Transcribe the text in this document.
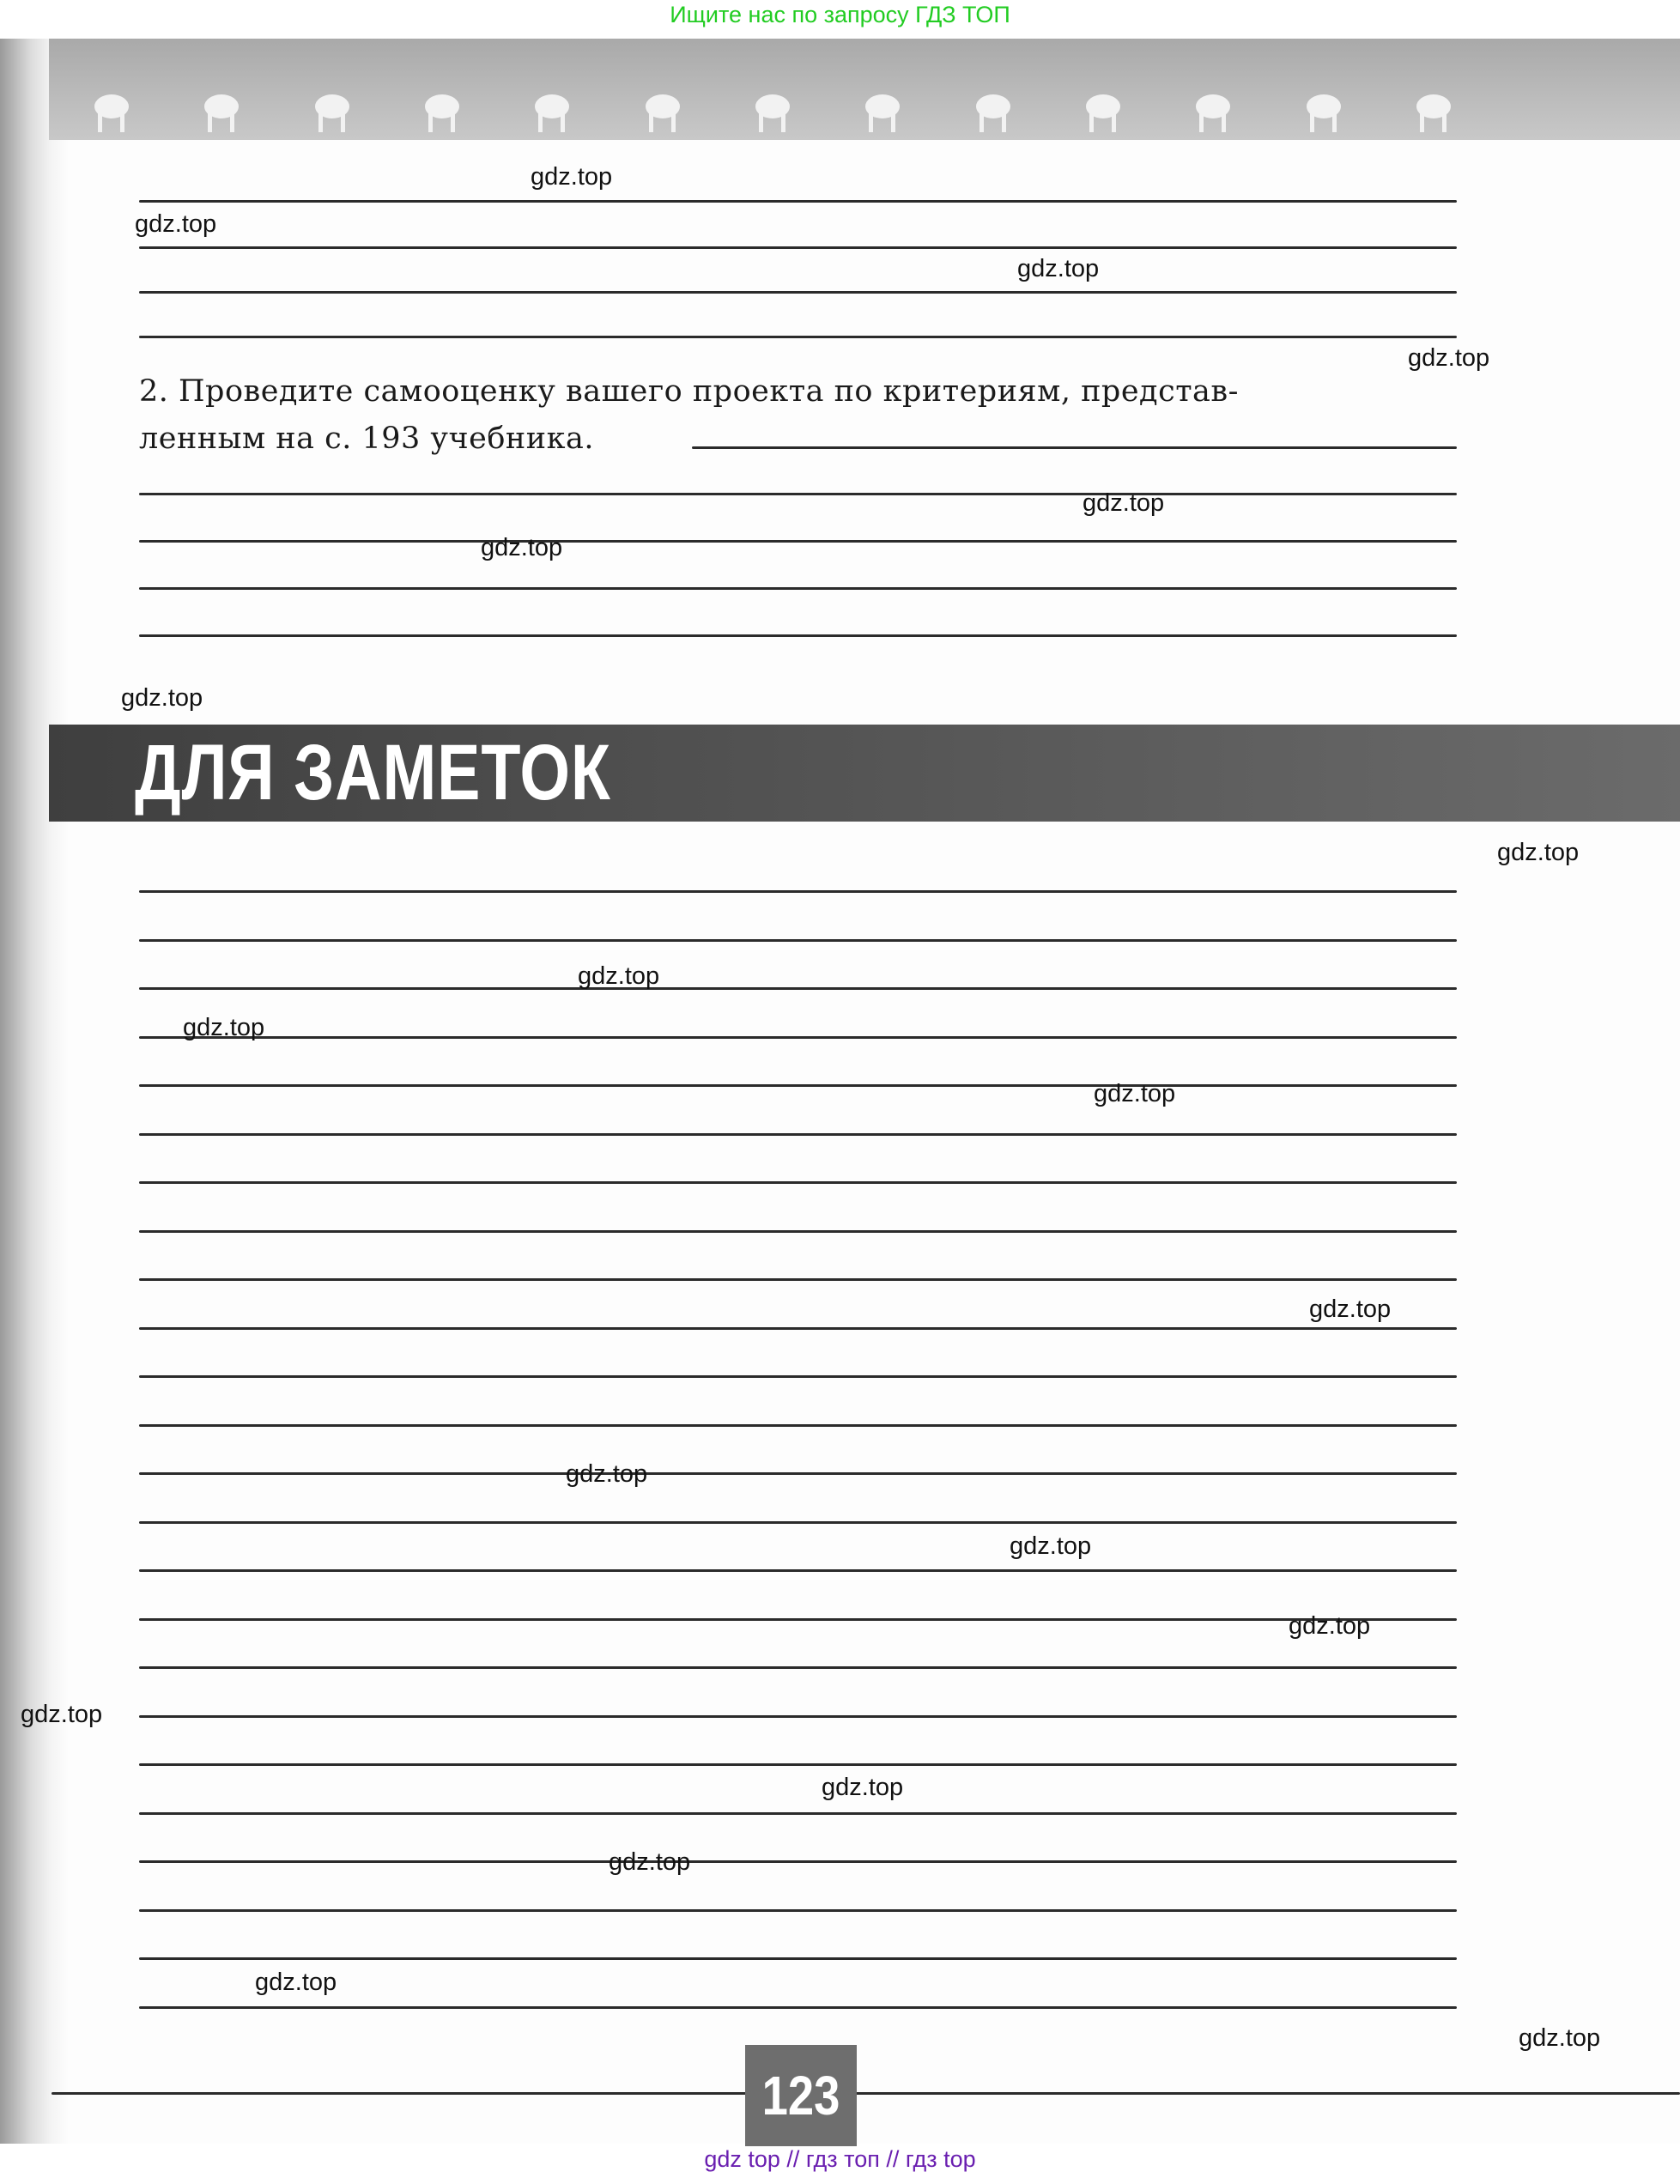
Ищите нас по запросу ГДЗ ТОП
2. Проведите самооценку вашего проекта по критериям, представ-
ленным на с. 193 учебника.
ДЛЯ ЗАМЕТОК
123
gdz.top
gdz.top
gdz.top
gdz.top
gdz.top
gdz.top
gdz.top
gdz.top
gdz.top
gdz.top
gdz.top
gdz.top
gdz.top
gdz.top
gdz.top
gdz.top
gdz.top
gdz.top
gdz.top
gdz.top
gdz top // гдз топ // гдз top
